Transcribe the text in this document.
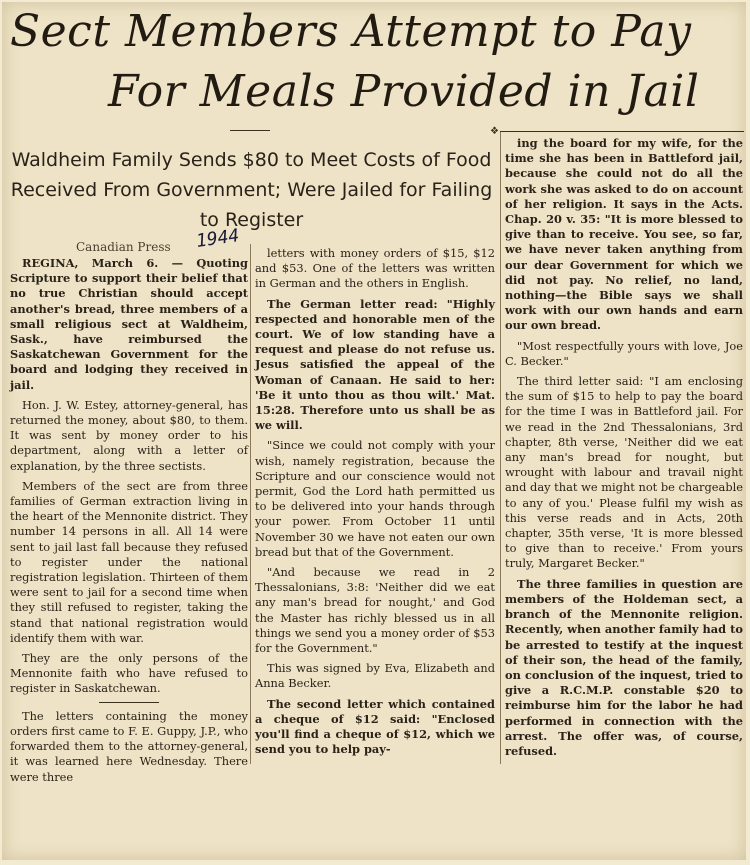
Sect Members Attempt to Pay
For Meals Provided in Jail
❖
Waldheim Family Sends $80 to Meet Costs of Food Received From Government; Were Jailed for Failing to Register
Canadian Press 1944

REGINA, March 6. — Quoting Scripture to support their belief that no true Christian should accept another's bread, three members of a small religious sect at Waldheim, Sask., have reimbursed the Saskatchewan Government for the board and lodging they received in jail.

Hon. J. W. Estey, attorney-general, has returned the money, about $80, to them. It was sent by money order to his department, along with a letter of explanation, by the three sectists.

Members of the sect are from three families of German extraction living in the heart of the Mennonite district. They number 14 persons in all. All 14 were sent to jail last fall because they refused to register under the national registration legislation. Thirteen of them were sent to jail for a second time when they still refused to register, taking the stand that national registration would identify them with war.

They are the only persons of the Mennonite faith who have refused to register in Saskatchewan.

The letters containing the money orders first came to F. E. Guppy, J.P., who forwarded them to the attorney-general, it was learned here Wednesday. There were three

letters with money orders of $15, $12 and $53. One of the letters was written in German and the others in English.

The German letter read: "Highly respected and honorable men of the court. We of low standing have a request and please do not refuse us. Jesus satisfied the appeal of the Woman of Canaan. He said to her: 'Be it unto thou as thou wilt.' Mat. 15:28. Therefore unto us shall be as we will.

"Since we could not comply with your wish, namely registration, because the Scripture and our conscience would not permit, God the Lord hath permitted us to be delivered into your hands through your power. From October 11 until November 30 we have not eaten our own bread but that of the Government.

"And because we read in 2 Thessalonians, 3:8: 'Neither did we eat any man's bread for nought,' and God the Master has richly blessed us in all things we send you a money order of $53 for the Government."

This was signed by Eva, Elizabeth and Anna Becker.

The second letter which contained a cheque of $12 said: "Enclosed you'll find a cheque of $12, which we send you to help pay-

ing the board for my wife, for the time she has been in Battleford jail, because she could not do all the work she was asked to do on account of her religion. It says in the Acts. Chap. 20 v. 35: "It is more blessed to give than to receive. You see, so far, we have never taken anything from our dear Government for which we did not pay. No relief, no land, nothing—the Bible says we shall work with our own hands and earn our own bread.

"Most respectfully yours with love, Joe C. Becker."

The third letter said: "I am enclosing the sum of $15 to help to pay the board for the time I was in Battleford jail. For we read in the 2nd Thessalonians, 3rd chapter, 8th verse, 'Neither did we eat any man's bread for nought, but wrought with labour and travail night and day that we might not be chargeable to any of you.' Please fulfil my wish as this verse reads and in Acts, 20th chapter, 35th verse, 'It is more blessed to give than to receive.' From yours truly, Margaret Becker."

The three families in question are members of the Holdeman sect, a branch of the Mennonite religion. Recently, when another family had to be arrested to testify at the inquest of their son, the head of the family, on conclusion of the inquest, tried to give a R.C.M.P. constable $20 to reimburse him for the labor he had performed in connection with the arrest. The offer was, of course, refused.
